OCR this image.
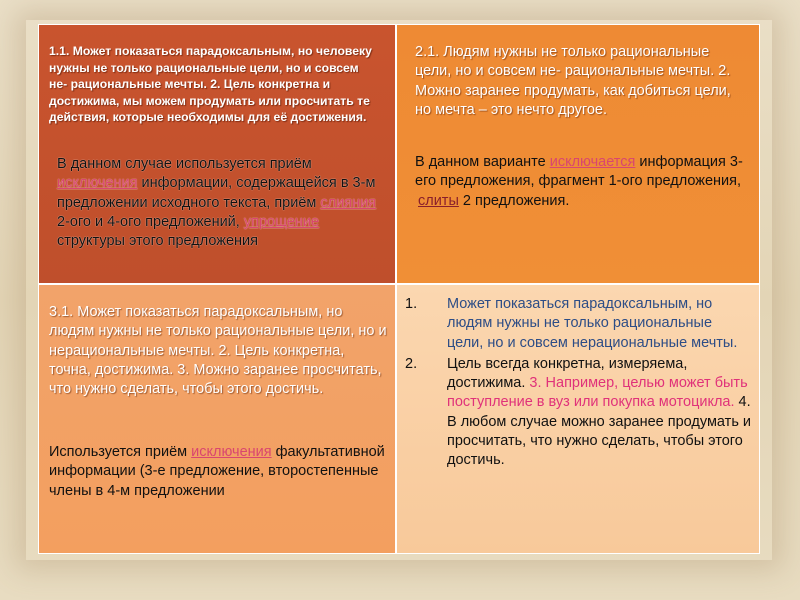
1.1. Может показаться парадоксальным, но человеку нужны не только рациональные цели, но и совсем не- рациональные мечты. 2. Цель конкретна и достижима, мы можем продумать или просчитать те действия, которые необходимы для её достижения.
В данном случае используется приём исключения информации, содержащейся в 3-м предложении исходного текста, приём слияния 2-ого и 4-ого предложений, упрощение структуры этого предложения
2.1. Людям нужны не только рациональные цели, но и совсем не- рациональные мечты. 2. Можно заранее продумать, как добиться цели, но мечта – это нечто другое.
В данном варианте исключается информация 3-его предложения, фрагмент 1-ого предложения,
слиты 2 предложения.
3.1. Может показаться парадоксальным, но людям нужны не только рациональные цели, но и нерациональные мечты. 2. Цель конкретна, точна, достижима. 3. Можно заранее просчитать, что нужно сделать, чтобы этого достичь.
Используется приём исключения факультативной информации (3-е предложение, второстепенные члены в 4-м предложении
1. Может показаться парадоксальным, но людям нужны не только рациональные цели, но и совсем нерациональные мечты.
2. Цель всегда конкретна, измеряема, достижима. 3. Например, целью может быть поступление в вуз или покупка мотоцикла. 4. В любом случае можно заранее продумать и просчитать, что нужно сделать, чтобы этого достичь.
